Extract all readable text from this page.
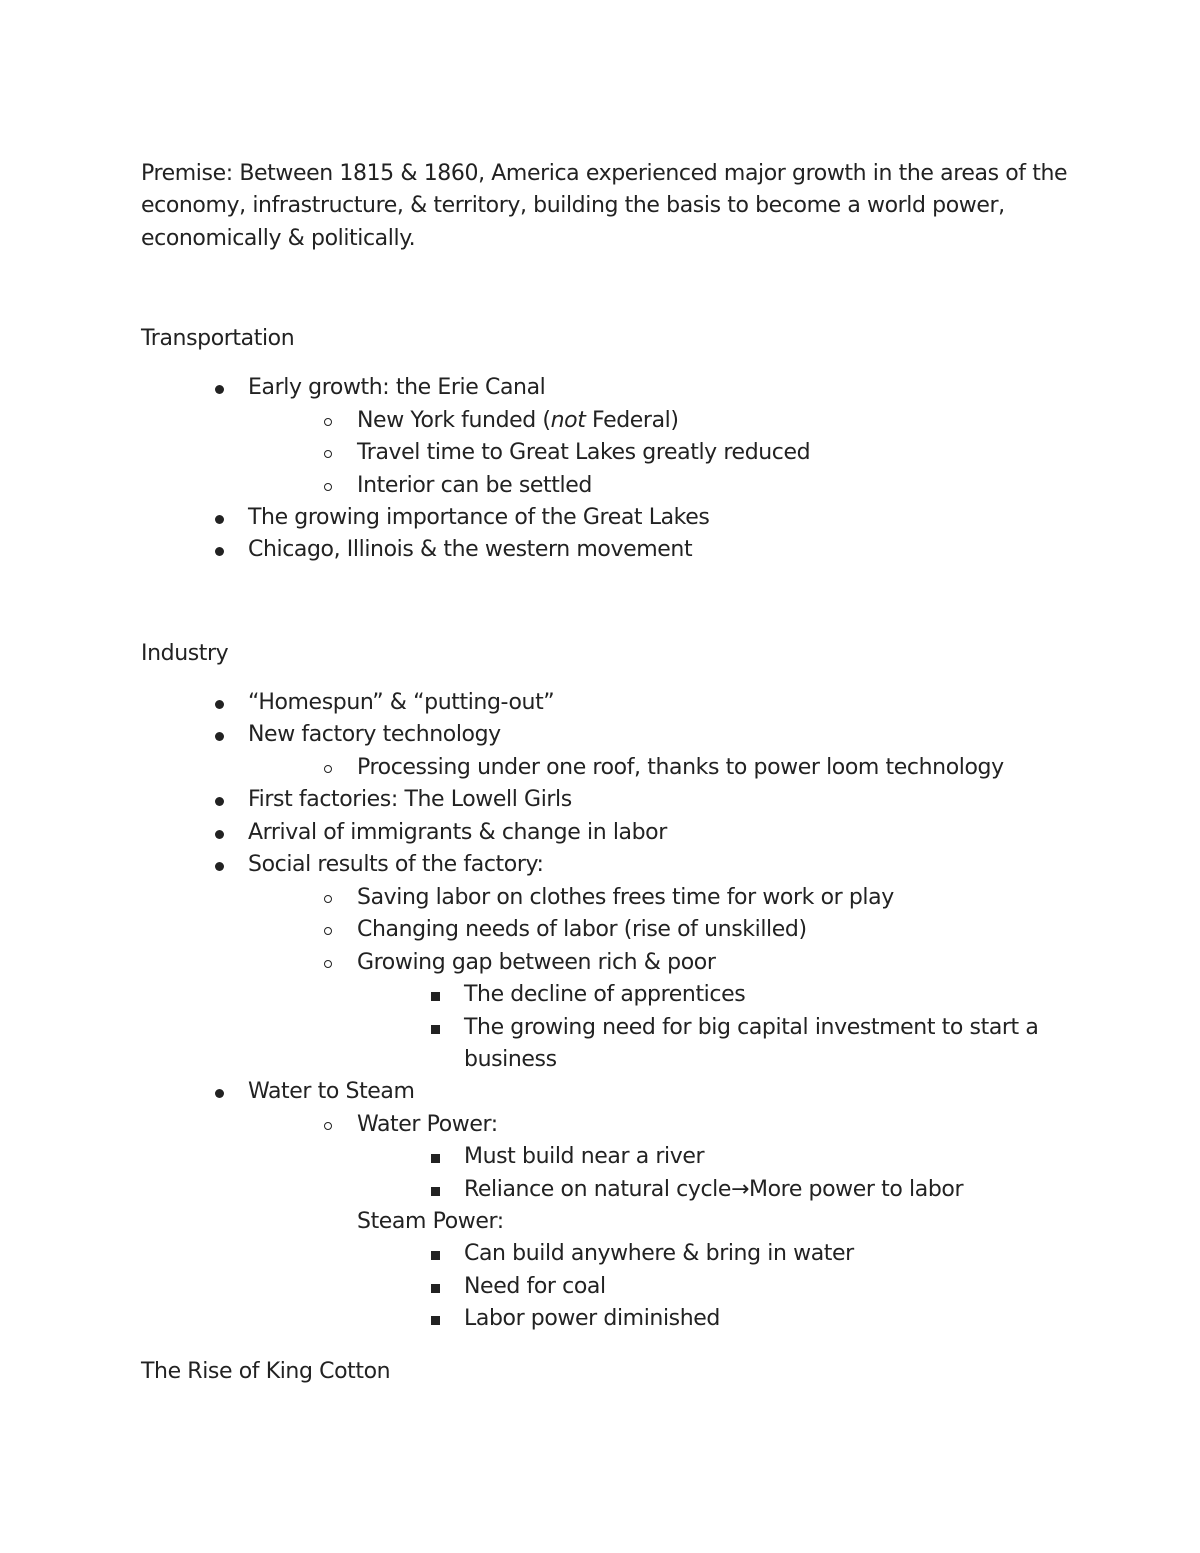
Premise: Between 1815 & 1860, America experienced major growth in the areas of the
economy, infrastructure, & territory, building the basis to become a world power,
economically & politically.
Transportation
Early growth: the Erie Canal
New York funded (not Federal)
Travel time to Great Lakes greatly reduced
Interior can be settled
The growing importance of the Great Lakes
Chicago, Illinois & the western movement
Industry
“Homespun” & “putting-out”
New factory technology
Processing under one roof, thanks to power loom technology
First factories: The Lowell Girls
Arrival of immigrants & change in labor
Social results of the factory:
Saving labor on clothes frees time for work or play
Changing needs of labor (rise of unskilled)
Growing gap between rich & poor
The decline of apprentices
The growing need for big capital investment to start a
business
Water to Steam
Water Power:
Must build near a river
Reliance on natural cycle→More power to labor
Steam Power:
Can build anywhere & bring in water
Need for coal
Labor power diminished
The Rise of King Cotton
